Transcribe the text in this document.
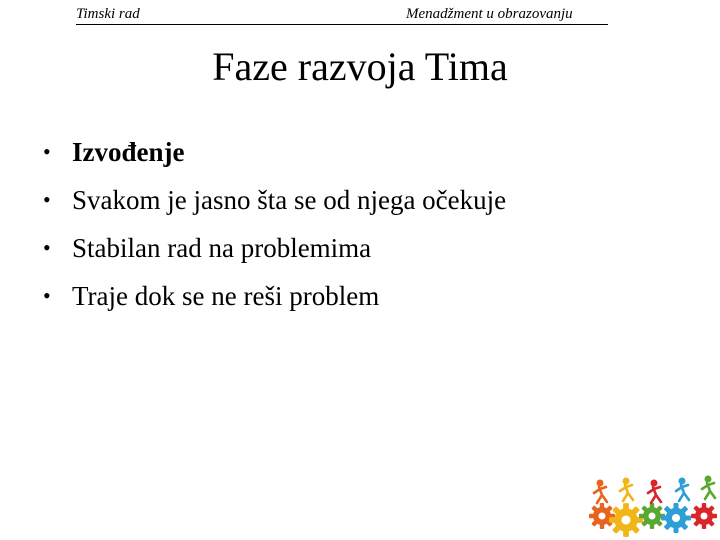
Timski rad	Menadžment u obrazovanju
Faze razvoja Tima
• Izvođenje
• Svakom je jasno šta se od njega očekuje
• Stabilan rad na problemima
• Traje dok se ne reši problem
